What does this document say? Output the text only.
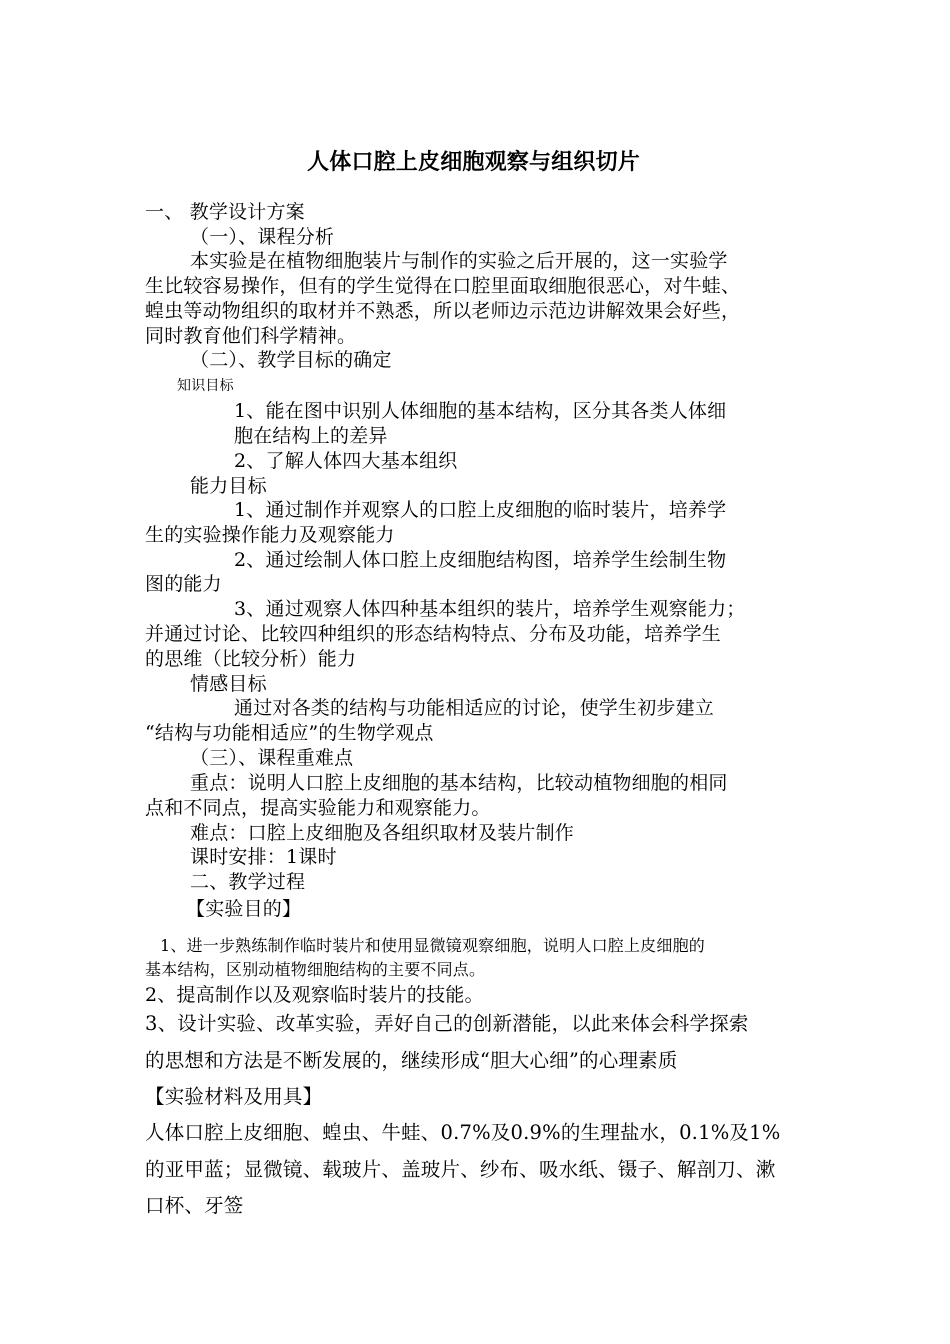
人体口腔上皮细胞观察与组织切片
一、 教学设计方案
（一）、课程分析
本实验是在植物细胞装片与制作的实验之后开展的，这一实验学
生比较容易操作，但有的学生觉得在口腔里面取细胞很恶心，对牛蛙、
蝗虫等动物组织的取材并不熟悉，所以老师边示范边讲解效果会好些，
同时教育他们科学精神。
（二）、教学目标的确定
知识目标
1、能在图中识别人体细胞的基本结构，区分其各类人体细
胞在结构上的差异
2、了解人体四大基本组织
能力目标
1、通过制作并观察人的口腔上皮细胞的临时装片，培养学
生的实验操作能力及观察能力
2、通过绘制人体口腔上皮细胞结构图，培养学生绘制生物
图的能力
3、通过观察人体四种基本组织的装片，培养学生观察能力；
并通过讨论、比较四种组织的形态结构特点、分布及功能，培养学生
的思维（比较分析）能力
情感目标
通过对各类的结构与功能相适应的讨论，使学生初步建立
“结构与功能相适应”的生物学观点
（三）、课程重难点
重点：说明人口腔上皮细胞的基本结构，比较动植物细胞的相同
点和不同点，提高实验能力和观察能力。
难点：口腔上皮细胞及各组织取材及装片制作
课时安排：1课时
二、教学过程
【实验目的】
1、进一步熟练制作临时装片和使用显微镜观察细胞，说明人口腔上皮细胞的
基本结构，区别动植物细胞结构的主要不同点。
2、提高制作以及观察临时装片的技能。
3、设计实验、改革实验，弄好自己的创新潜能，以此来体会科学探索
的思想和方法是不断发展的，继续形成“胆大心细”的心理素质
【实验材料及用具】
人体口腔上皮细胞、蝗虫、牛蛙、0.7%及0.9%的生理盐水，0.1%及1%
的亚甲蓝；显微镜、载玻片、盖玻片、纱布、吸水纸、镊子、解剖刀、漱
口杯、牙签
